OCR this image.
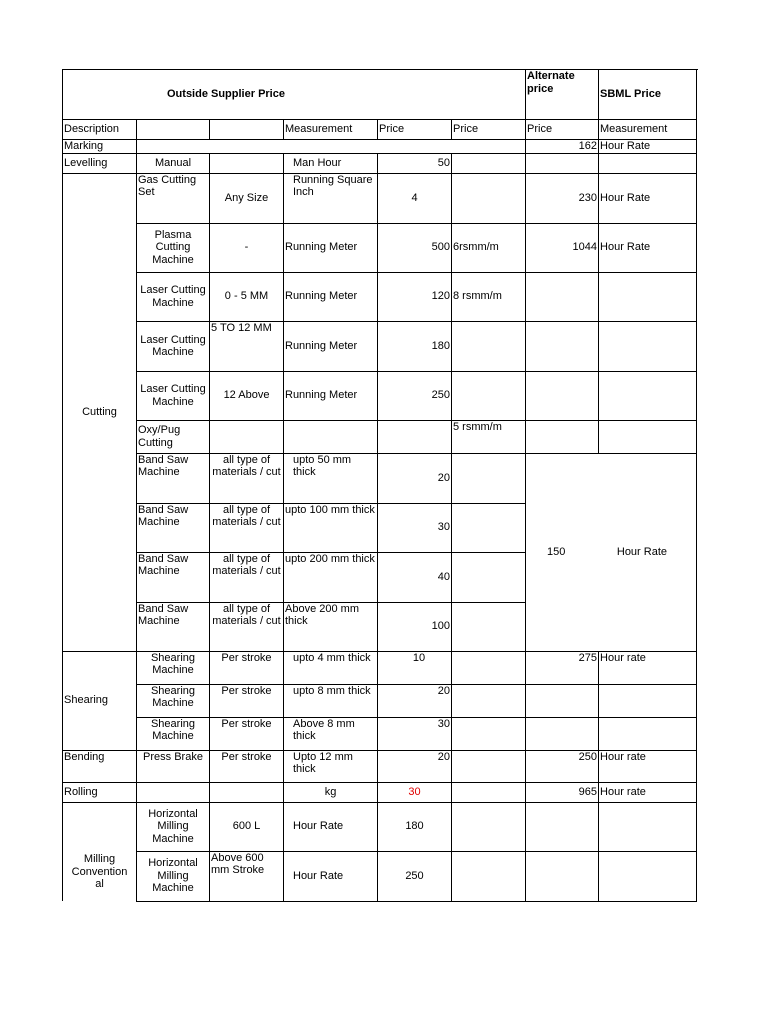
Outside Supplier Price						Alternate price	SBML Price
Description			Measurement	Price	Price	Price	Measurement
Marking						162	Hour Rate
Levelling	Manual		Man Hour	50			
Cutting	Gas Cutting Set	Any Size	Running Square Inch	4		230	Hour Rate
	Plasma Cutting Machine	-	Running Meter	500	6rsmm/m	1044	Hour Rate
	Laser Cutting Machine	0 - 5 MM	Running Meter	120	8 rsmm/m		
	Laser Cutting Machine	5 TO 12 MM	Running Meter	180			
	Laser Cutting Machine	12 Above	Running Meter	250			
	Oxy/Pug Cutting				5 rsmm/m		
	Band Saw Machine	all type of materials / cut	upto 50 mm thick	20		150 Hour Rate	

	Band Saw Machine	all type of materials / cut	upto 100 mm thick	30			
	Band Saw Machine	all type of materials / cut	upto 200 mm thick	40			
	Band Saw Machine	all type of materials / cut	Above 200 mm thick	100			
Shearing	Shearing Machine	Per stroke	upto 4 mm thick	10		275	Hour rate
	Shearing Machine	Per stroke	upto 8 mm thick	20			
	Shearing Machine	Per stroke	Above 8 mm thick	30			
Bending	Press Brake	Per stroke	Upto 12 mm thick	20		250	Hour rate
Rolling			kg	30		965	Hour rate

Milling Conventional	Horizontal Milling Machine	600 L	Hour Rate	180			
	Horizontal Milling Machine	Above 600 mm Stroke	Hour Rate	250			
